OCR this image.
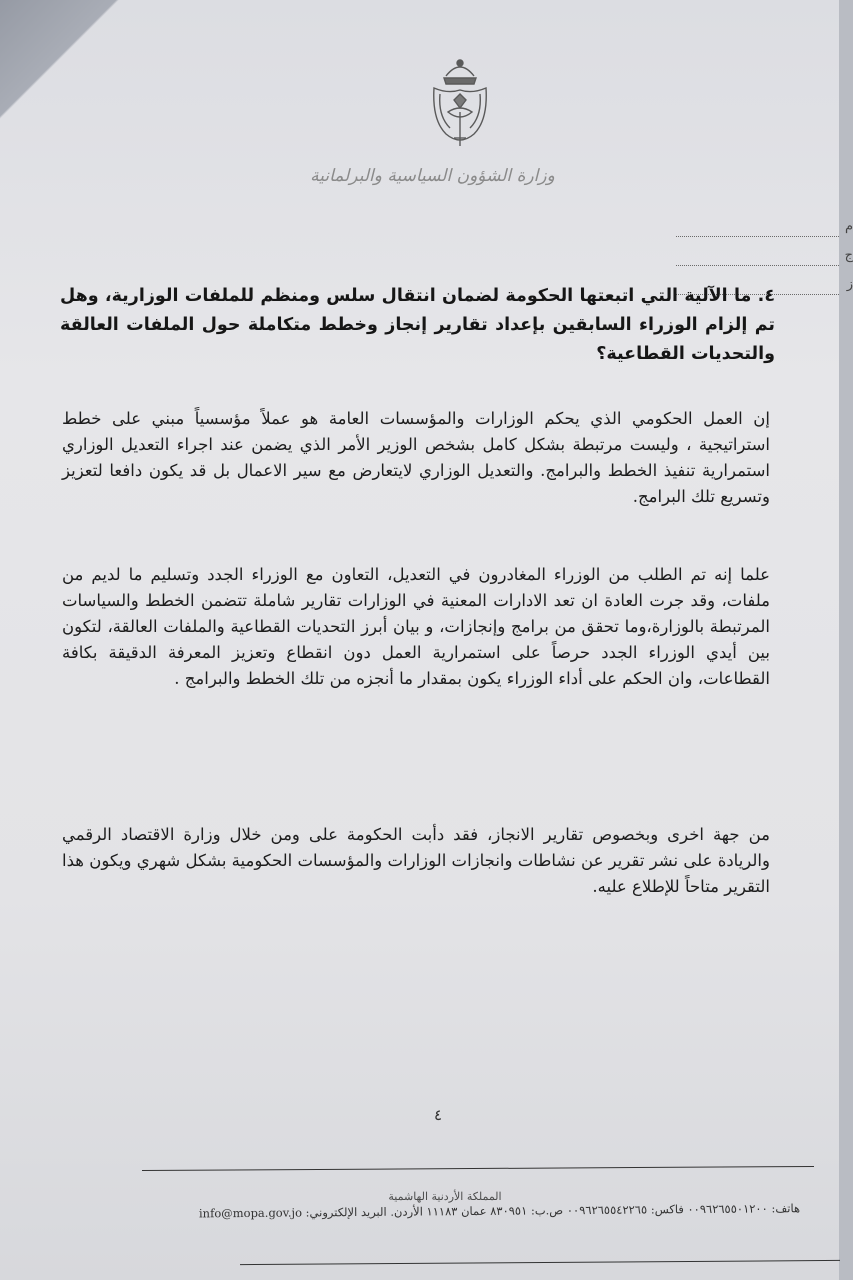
وزارة الشؤون السياسية والبرلمانية
م
ج
ز
٤. ما الآلية التي اتبعتها الحكومة لضمان انتقال سلس ومنظم للملفات الوزارية، وهل تم إلزام الوزراء السابقين بإعداد تقارير إنجاز وخطط متكاملة حول الملفات العالقة والتحديات القطاعية؟
إن العمل الحكومي الذي يحكم الوزارات والمؤسسات العامة هو عملاً مؤسسياً مبني على خطط استراتيجية ، وليست مرتبطة بشكل كامل بشخص الوزير الأمر الذي يضمن عند اجراء التعديل الوزاري استمرارية تنفيذ الخطط والبرامج. والتعديل الوزاري لايتعارض مع سير الاعمال بل قد يكون دافعا لتعزيز وتسريع تلك البرامج.
علما إنه تم الطلب من الوزراء المغادرون في التعديل، التعاون مع الوزراء الجدد وتسليم ما لديم من ملفات، وقد جرت العادة ان تعد الادارات المعنية في الوزارات تقارير شاملة تتضمن الخطط والسياسات المرتبطة بالوزارة،وما تحقق من برامج وإنجازات، و بيان أبرز التحديات القطاعية والملفات العالقة، لتكون بين أيدي الوزراء الجدد حرصاً على استمرارية العمل دون انقطاع وتعزيز المعرفة الدقيقة بكافة القطاعات، وان الحكم على أداء الوزراء يكون بمقدار ما أنجزه من تلك الخطط والبرامج .
من جهة اخرى وبخصوص تقارير الانجاز، فقد دأبت الحكومة على ومن خلال وزارة الاقتصاد الرقمي والريادة على نشر تقرير عن نشاطات وانجازات الوزارات والمؤسسات الحكومية بشكل شهري ويكون هذا التقرير متاحاً للإطلاع عليه.
٤
المملكة الأردنية الهاشمية
هاتف: ٠٠٩٦٢٦٥٥٠١٢٠٠ فاكس: ٠٠٩٦٢٦٥٥٤٢٢٦٥ ص.ب: ٨٣٠٩٥١ عمان ١١١٨٣ الأردن. البريد الإلكتروني: info@mopa.gov.jo
